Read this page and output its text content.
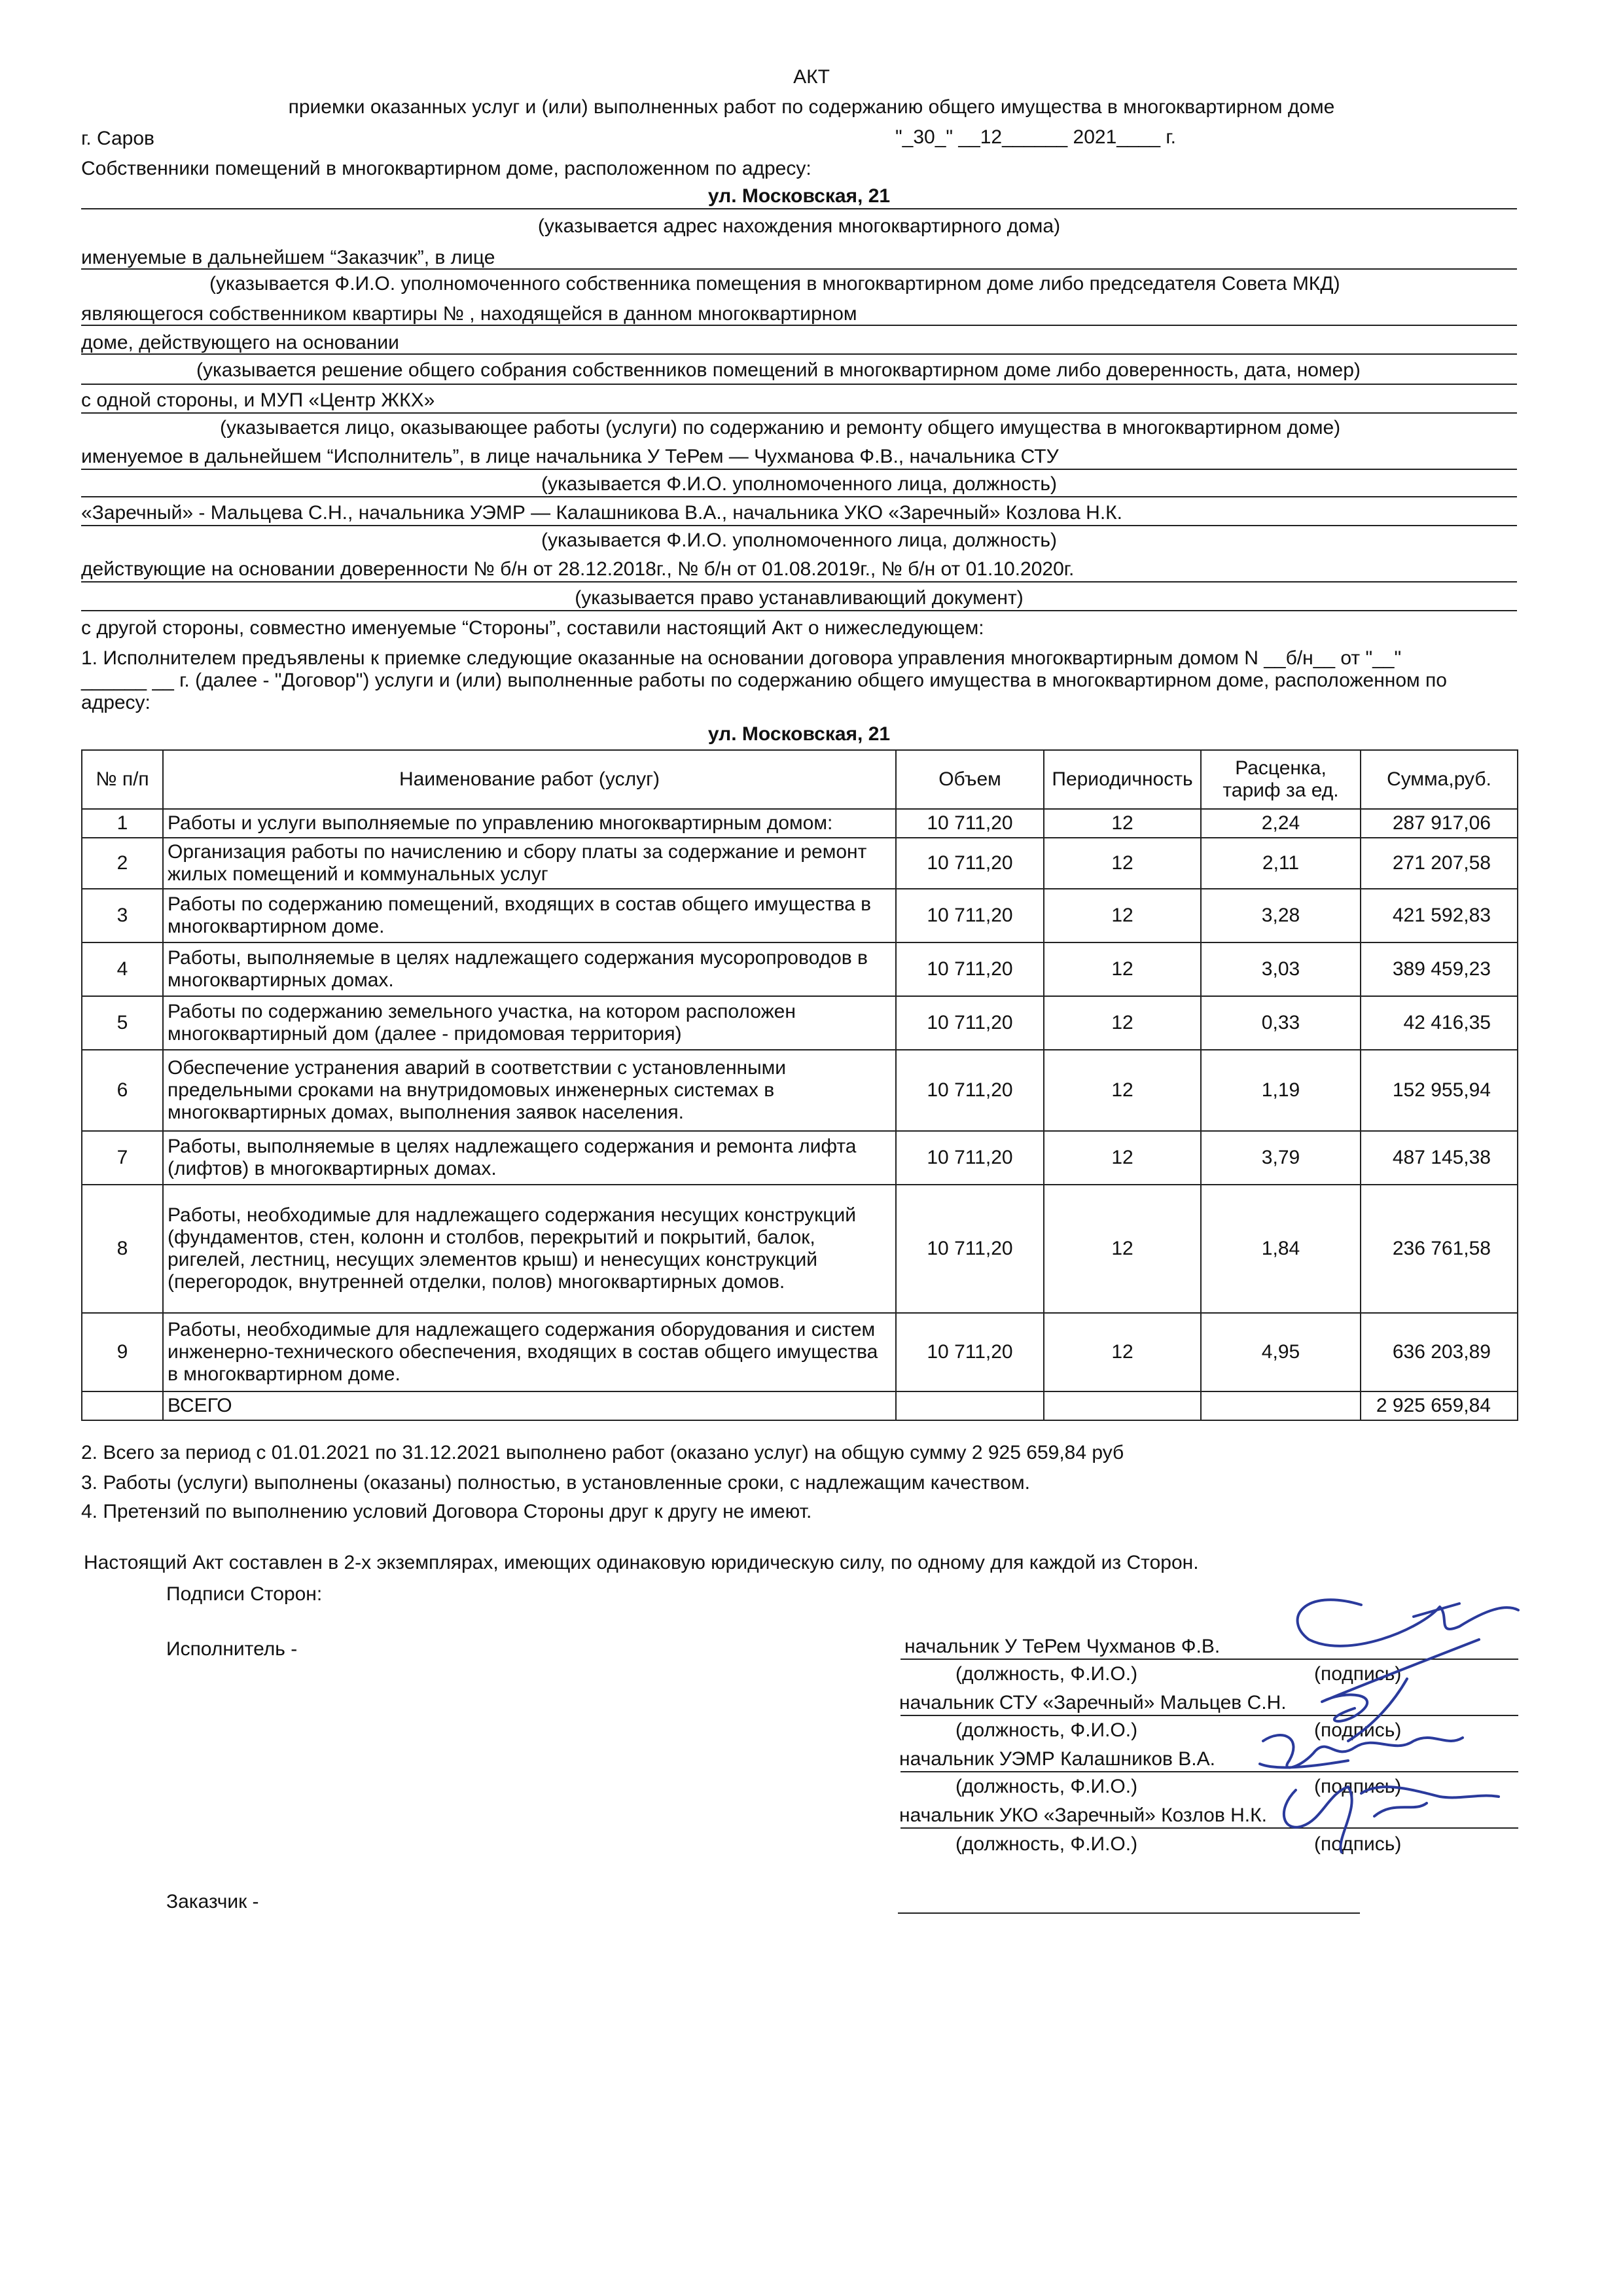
АКТ
приемки оказанных услуг и (или) выполненных работ по содержанию общего имущества в многоквартирном доме
г. Саров	"_30_" __12______ 2021____ г.
Собственники помещений в многоквартирном доме, расположенном по адресу:
ул. Московская, 21
(указывается адрес нахождения многоквартирного дома)
именуемые в дальнейшем “Заказчик”, в лице
(указывается Ф.И.О. уполномоченного собственника помещения в многоквартирном доме либо председателя Совета МКД)
являющегося собственником квартиры № , находящейся в данном многоквартирном
доме, действующего на основании
(указывается решение общего собрания собственников помещений в многоквартирном доме либо доверенность, дата, номер)
с одной стороны, и МУП «Центр ЖКХ»
(указывается лицо, оказывающее работы (услуги) по содержанию и ремонту общего имущества в многоквартирном доме)
именуемое в дальнейшем “Исполнитель”, в лице начальника У ТеРем — Чухманова Ф.В., начальника СТУ
(указывается Ф.И.О. уполномоченного лица, должность)
«Заречный» - Мальцева С.Н., начальника УЭМР — Калашникова В.А., начальника УКО «Заречный» Козлова Н.К.
(указывается Ф.И.О. уполномоченного лица, должность)
действующие на основании доверенности № б/н от 28.12.2018г., № б/н от 01.08.2019г., № б/н от 01.10.2020г.
(указывается право устанавливающий документ)
с другой стороны, совместно именуемые “Стороны”, составили настоящий Акт о нижеследующем:
1. Исполнителем предъявлены к приемке следующие оказанные на основании договора управления многоквартирным домом N __б/н__ от "__"
______ __ г. (далее - "Договор") услуги и (или) выполненные работы по содержанию общего имущества в многоквартирном доме, расположенном по
адресу:
ул. Московская, 21
№ п/п	Наименование работ (услуг)	Объем	Периодичность	Расценка, тариф за ед.	Сумма,руб.
1	Работы и услуги выполняемые по управлению многоквартирным домом:	10 711,20	12	2,24	287 917,06
2	Организация работы по начислению и сбору платы за содержание и ремонт жилых помещений и коммунальных услуг	10 711,20	12	2,11	271 207,58
3	Работы по содержанию помещений, входящих в состав общего имущества в многоквартирном доме.	10 711,20	12	3,28	421 592,83
4	Работы, выполняемые в целях надлежащего содержания мусоропроводов в многоквартирных домах.	10 711,20	12	3,03	389 459,23
5	Работы по содержанию земельного участка, на котором расположен многоквартирный дом (далее - придомовая территория)	10 711,20	12	0,33	42 416,35
6	Обеспечение устранения аварий в соответствии с установленными предельными сроками на внутридомовых инженерных системах в многоквартирных домах, выполнения заявок населения.	10 711,20	12	1,19	152 955,94
7	Работы, выполняемые в целях надлежащего содержания и ремонта лифта (лифтов) в многоквартирных домах.	10 711,20	12	3,79	487 145,38
8	Работы, необходимые для надлежащего содержания несущих конструкций (фундаментов, стен, колонн и столбов, перекрытий и покрытий, балок, ригелей, лестниц, несущих элементов крыш) и ненесущих конструкций (перегородок, внутренней отделки, полов) многоквартирных домов.	10 711,20	12	1,84	236 761,58
9	Работы, необходимые для надлежащего содержания оборудования и систем инженерно-технического обеспечения, входящих в состав общего имущества в многоквартирном доме.	10 711,20	12	4,95	636 203,89
	ВСЕГО				2 925 659,84
2. Всего за период с 01.01.2021 по 31.12.2021 выполнено работ (оказано услуг) на общую сумму 2 925 659,84 руб
3. Работы (услуги) выполнены (оказаны) полностью, в установленные сроки, с надлежащим качеством.
4. Претензий по выполнению условий Договора Стороны друг к другу не имеют.
Настоящий Акт составлен в 2-х экземплярах, имеющих одинаковую юридическую силу, по одному для каждой из Сторон.
Подписи Сторон:
Исполнитель -	начальник У ТеРем Чухманов Ф.В.
(должность, Ф.И.О.)	(подпись)
начальник СТУ «Заречный» Мальцев С.Н.
(должность, Ф.И.О.)	(подпись)
начальник УЭМР Калашников В.А.
(должность, Ф.И.О.)	(подпись)
начальник УКО «Заречный» Козлов Н.К.
(должность, Ф.И.О.)	(подпись)
Заказчик -
